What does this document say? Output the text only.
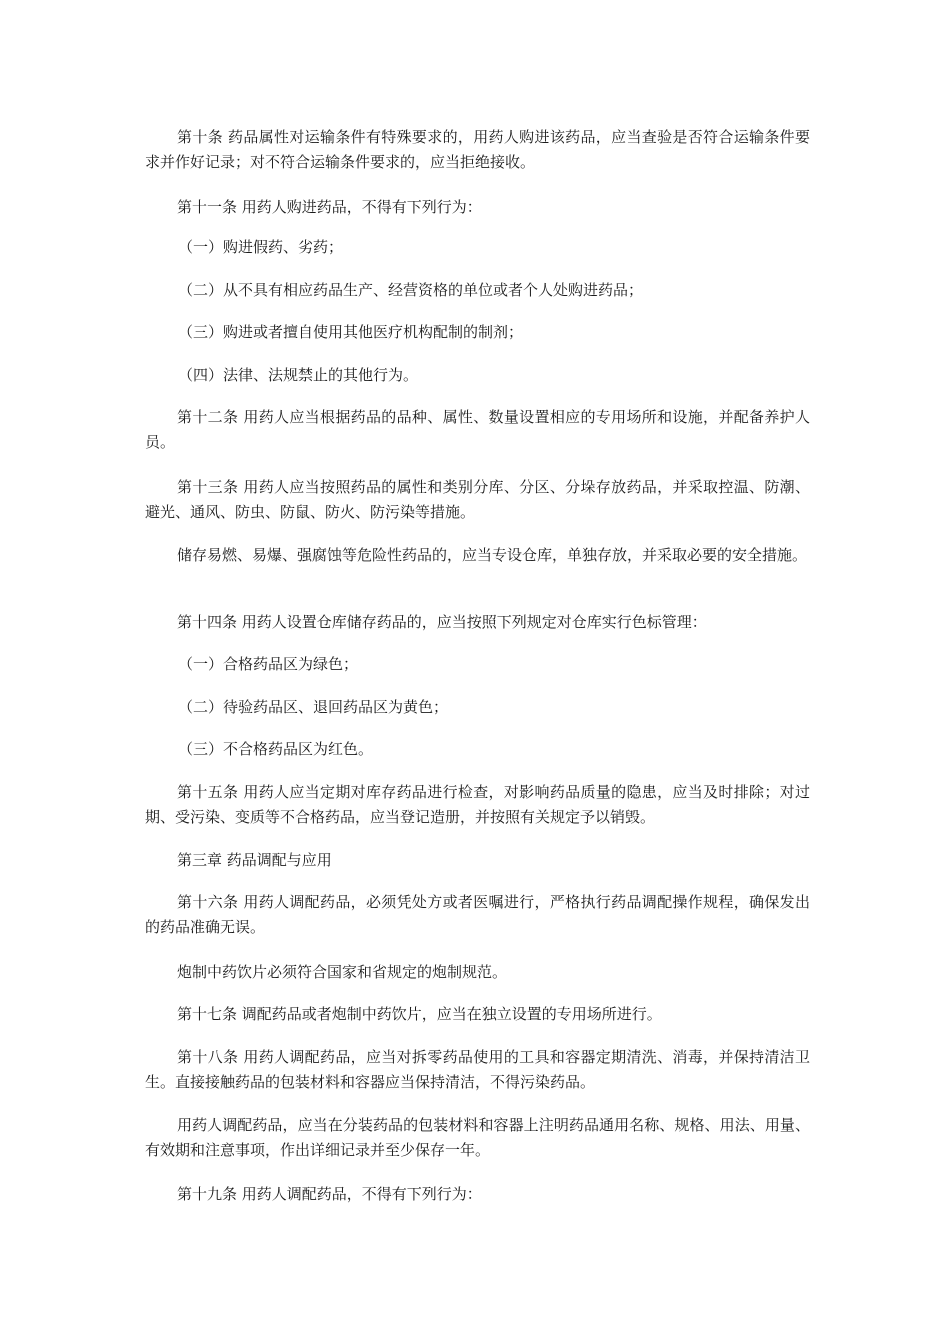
第十条 药品属性对运输条件有特殊要求的，用药人购进该药品，应当查验是否符合运输条件要求并作好记录；对不符合运输条件要求的，应当拒绝接收。

第十一条 用药人购进药品，不得有下列行为：

（一）购进假药、劣药；

（二）从不具有相应药品生产、经营资格的单位或者个人处购进药品；

（三）购进或者擅自使用其他医疗机构配制的制剂；

（四）法律、法规禁止的其他行为。

第十二条 用药人应当根据药品的品种、属性、数量设置相应的专用场所和设施，并配备养护人员。

第十三条 用药人应当按照药品的属性和类别分库、分区、分垛存放药品，并采取控温、防潮、避光、通风、防虫、防鼠、防火、防污染等措施。

储存易燃、易爆、强腐蚀等危险性药品的，应当专设仓库，单独存放，并采取必要的安全措施。

第十四条 用药人设置仓库储存药品的，应当按照下列规定对仓库实行色标管理：

（一）合格药品区为绿色；

（二）待验药品区、退回药品区为黄色；

（三）不合格药品区为红色。

第十五条 用药人应当定期对库存药品进行检查，对影响药品质量的隐患，应当及时排除；对过期、受污染、变质等不合格药品，应当登记造册，并按照有关规定予以销毁。

第三章 药品调配与应用

第十六条 用药人调配药品，必须凭处方或者医嘱进行，严格执行药品调配操作规程，确保发出的药品准确无误。

炮制中药饮片必须符合国家和省规定的炮制规范。

第十七条 调配药品或者炮制中药饮片，应当在独立设置的专用场所进行。

第十八条 用药人调配药品，应当对拆零药品使用的工具和容器定期清洗、消毒，并保持清洁卫生。直接接触药品的包装材料和容器应当保持清洁，不得污染药品。

用药人调配药品，应当在分装药品的包装材料和容器上注明药品通用名称、规格、用法、用量、有效期和注意事项，作出详细记录并至少保存一年。

第十九条 用药人调配药品，不得有下列行为：
